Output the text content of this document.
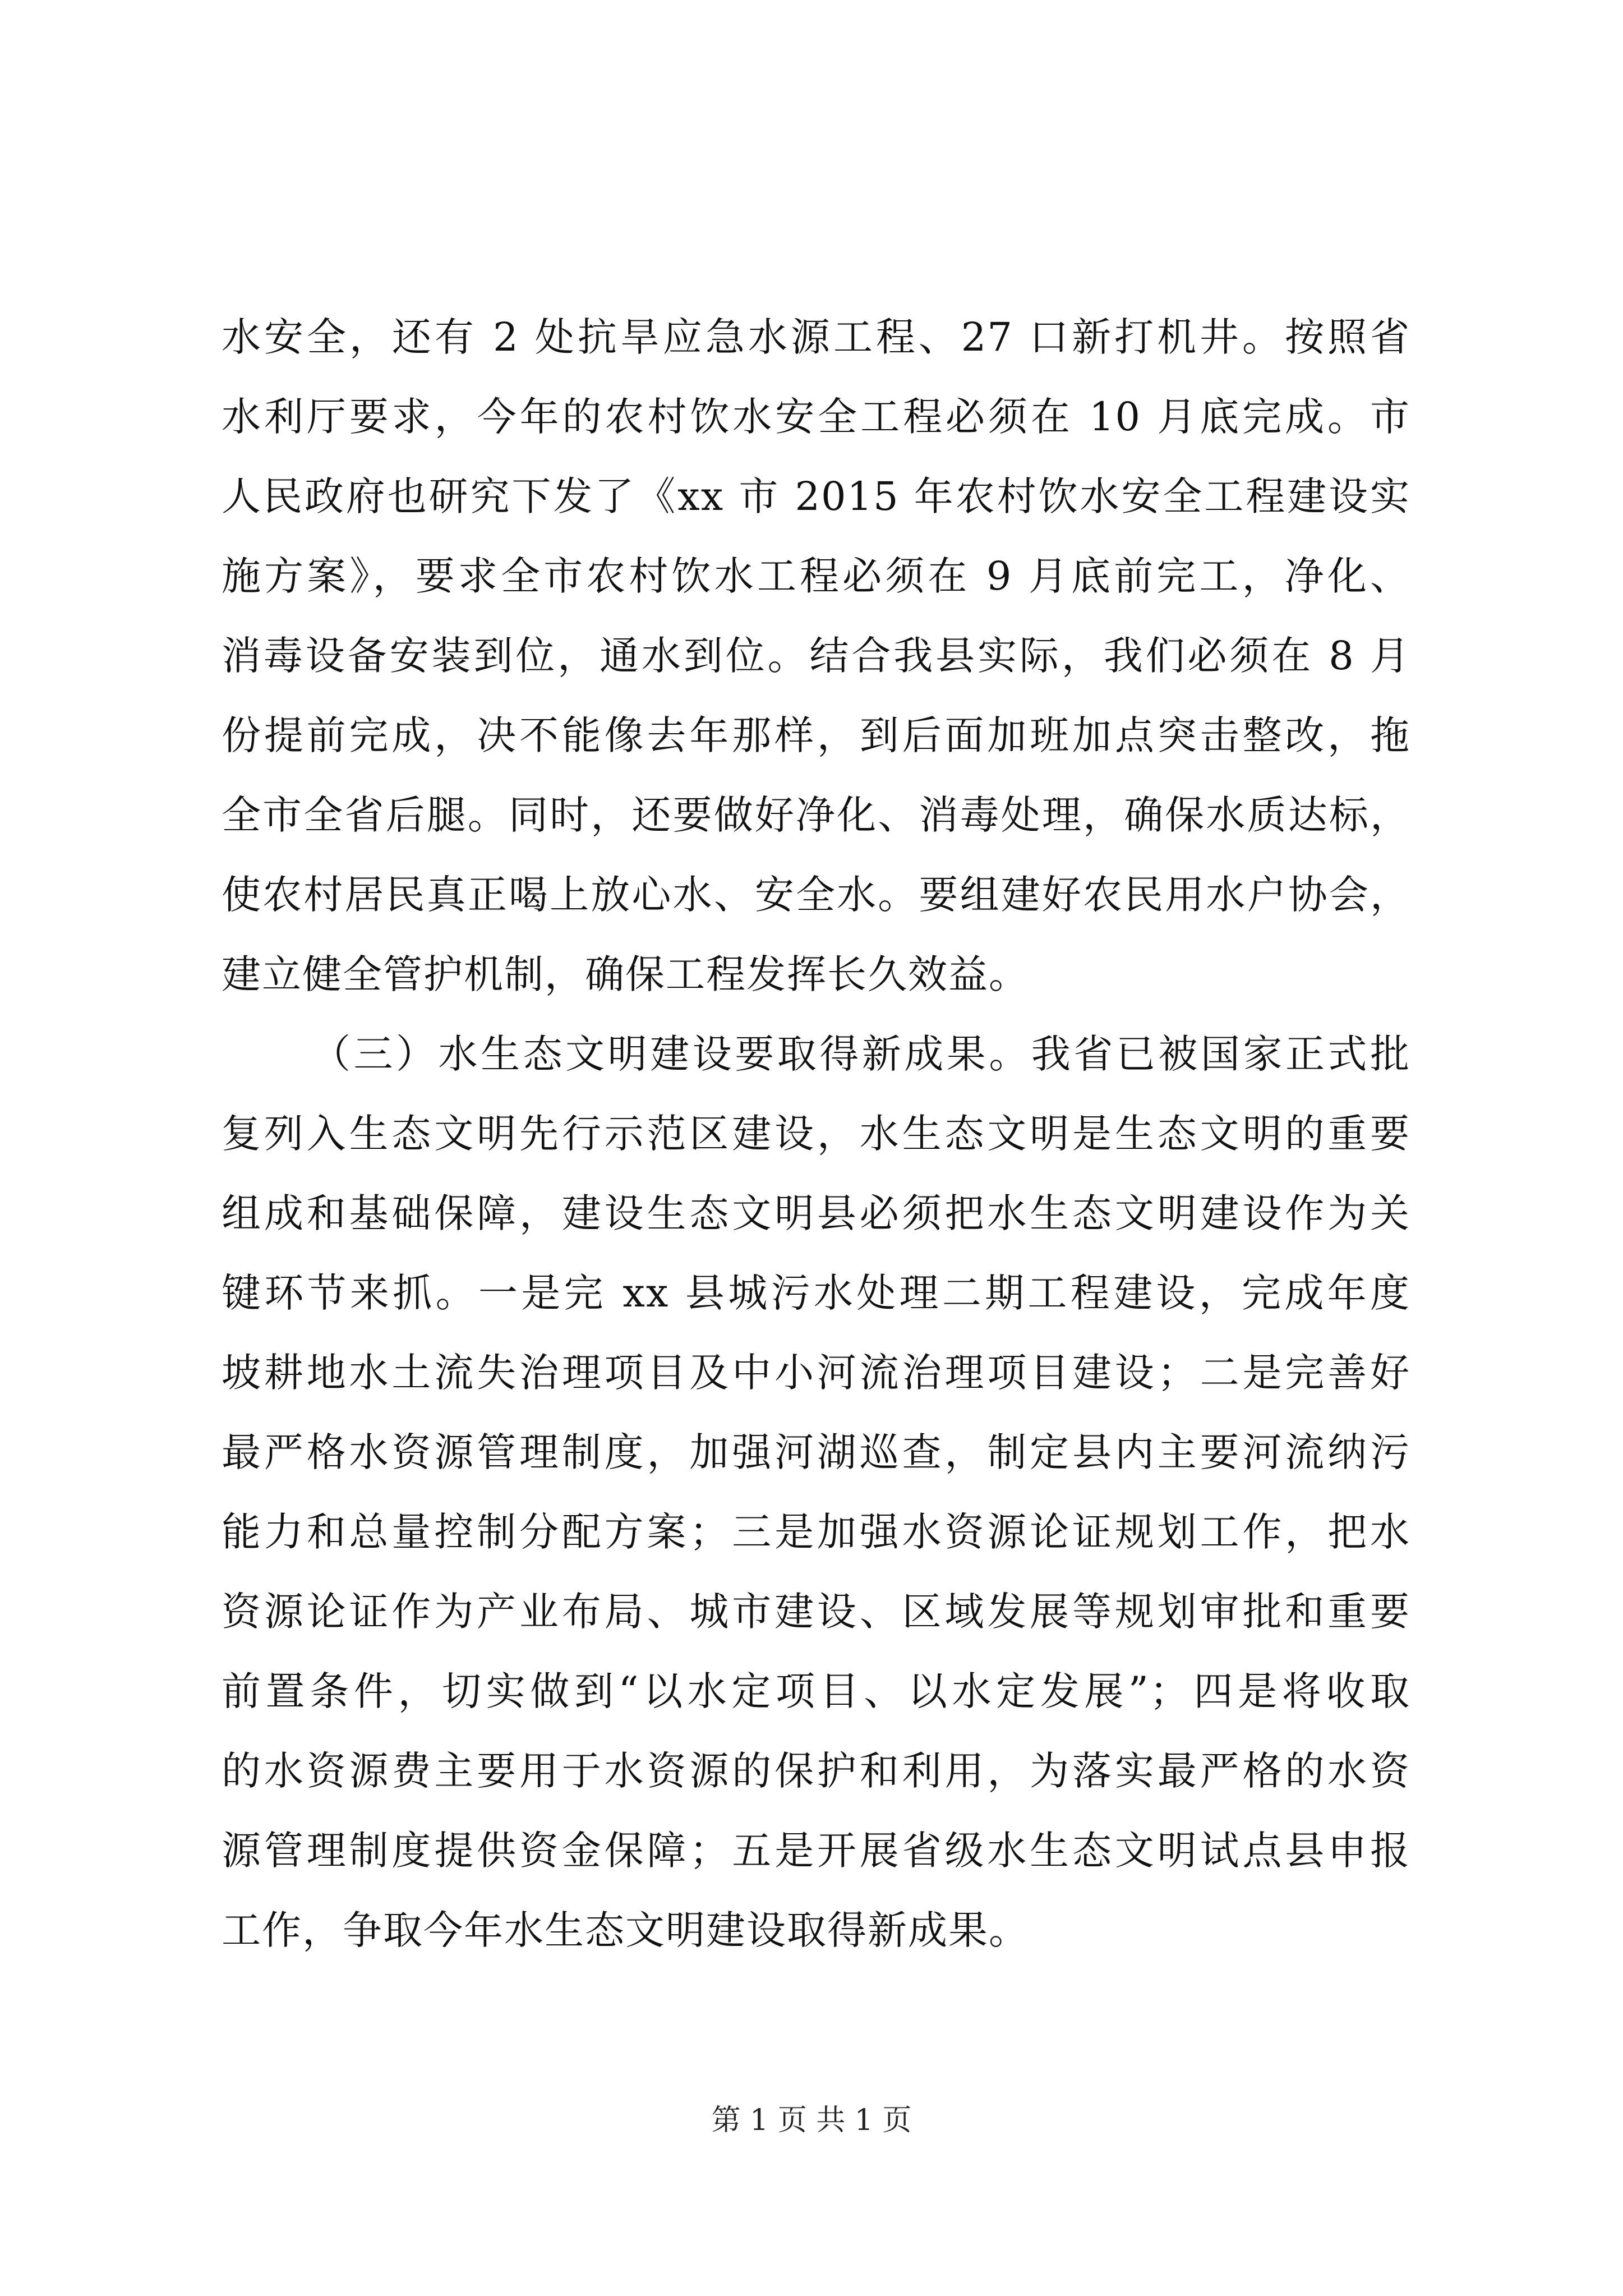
水安全，还有 2 处抗旱应急水源工程、27 口新打机井。按照省
水利厅要求，今年的农村饮水安全工程必须在 10 月底完成。市
人民政府也研究下发了《xx 市 2015 年农村饮水安全工程建设实
施方案》，要求全市农村饮水工程必须在 9 月底前完工，净化、
消毒设备安装到位，通水到位。结合我县实际，我们必须在 8 月
份提前完成，决不能像去年那样，到后面加班加点突击整改，拖
全市全省后腿。同时，还要做好净化、消毒处理，确保水质达标，
使农村居民真正喝上放心水、安全水。要组建好农民用水户协会，
建立健全管护机制，确保工程发挥长久效益。
（三）水生态文明建设要取得新成果。我省已被国家正式批
复列入生态文明先行示范区建设，水生态文明是生态文明的重要
组成和基础保障，建设生态文明县必须把水生态文明建设作为关
键环节来抓。一是完 xx 县城污水处理二期工程建设，完成年度
坡耕地水土流失治理项目及中小河流治理项目建设；二是完善好
最严格水资源管理制度，加强河湖巡查，制定县内主要河流纳污
能力和总量控制分配方案；三是加强水资源论证规划工作，把水
资源论证作为产业布局、城市建设、区域发展等规划审批和重要
前置条件，切实做到“以水定项目、以水定发展”；四是将收取
的水资源费主要用于水资源的保护和利用，为落实最严格的水资
源管理制度提供资金保障；五是开展省级水生态文明试点县申报
工作，争取今年水生态文明建设取得新成果。
第 1 页 共 1 页
